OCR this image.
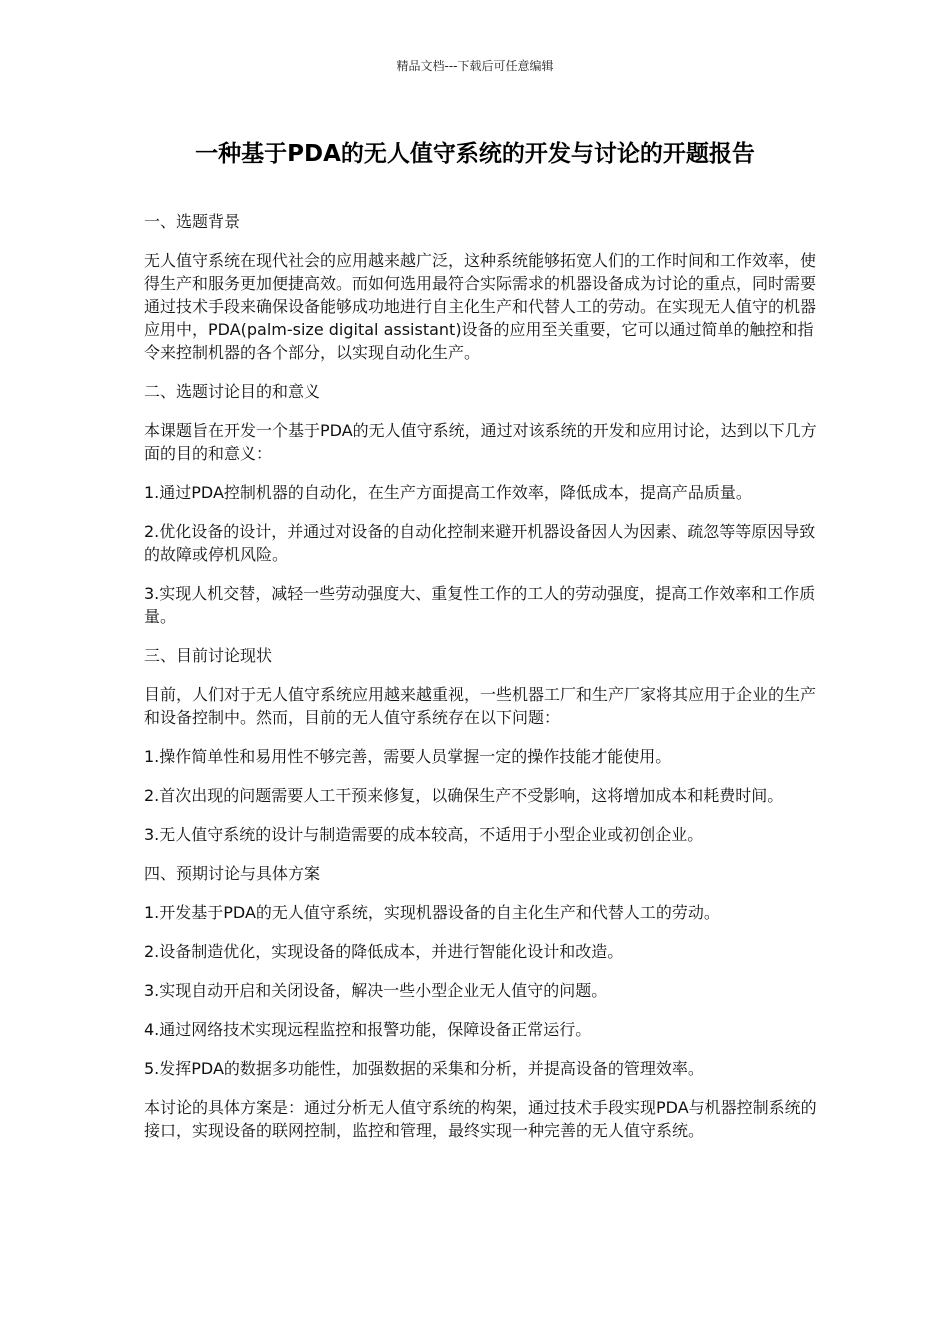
精品文档---下载后可任意编辑
一种基于PDA的无人值守系统的开发与讨论的开题报告

一、选题背景

无人值守系统在现代社会的应用越来越广泛，这种系统能够拓宽人们的工作时间和工作效率，使得生产和服务更加便捷高效。而如何选用最符合实际需求的机器设备成为讨论的重点，同时需要通过技术手段来确保设备能够成功地进行自主化生产和代替人工的劳动。在实现无人值守的机器应用中，PDA(palm-size digital assistant)设备的应用至关重要，它可以通过简单的触控和指令来控制机器的各个部分，以实现自动化生产。

二、选题讨论目的和意义

本课题旨在开发一个基于PDA的无人值守系统，通过对该系统的开发和应用讨论，达到以下几方面的目的和意义：

1.通过PDA控制机器的自动化，在生产方面提高工作效率，降低成本，提高产品质量。

2.优化设备的设计，并通过对设备的自动化控制来避开机器设备因人为因素、疏忽等等原因导致的故障或停机风险。

3.实现人机交替，减轻一些劳动强度大、重复性工作的工人的劳动强度，提高工作效率和工作质量。

三、目前讨论现状

目前，人们对于无人值守系统应用越来越重视，一些机器工厂和生产厂家将其应用于企业的生产和设备控制中。然而，目前的无人值守系统存在以下问题：

1.操作简单性和易用性不够完善，需要人员掌握一定的操作技能才能使用。

2.首次出现的问题需要人工干预来修复，以确保生产不受影响，这将增加成本和耗费时间。

3.无人值守系统的设计与制造需要的成本较高，不适用于小型企业或初创企业。

四、预期讨论与具体方案

1.开发基于PDA的无人值守系统，实现机器设备的自主化生产和代替人工的劳动。

2.设备制造优化，实现设备的降低成本，并进行智能化设计和改造。

3.实现自动开启和关闭设备，解决一些小型企业无人值守的问题。

4.通过网络技术实现远程监控和报警功能，保障设备正常运行。

5.发挥PDA的数据多功能性，加强数据的采集和分析，并提高设备的管理效率。

本讨论的具体方案是：通过分析无人值守系统的构架，通过技术手段实现PDA与机器控制系统的接口，实现设备的联网控制，监控和管理，最终实现一种完善的无人值守系统。
